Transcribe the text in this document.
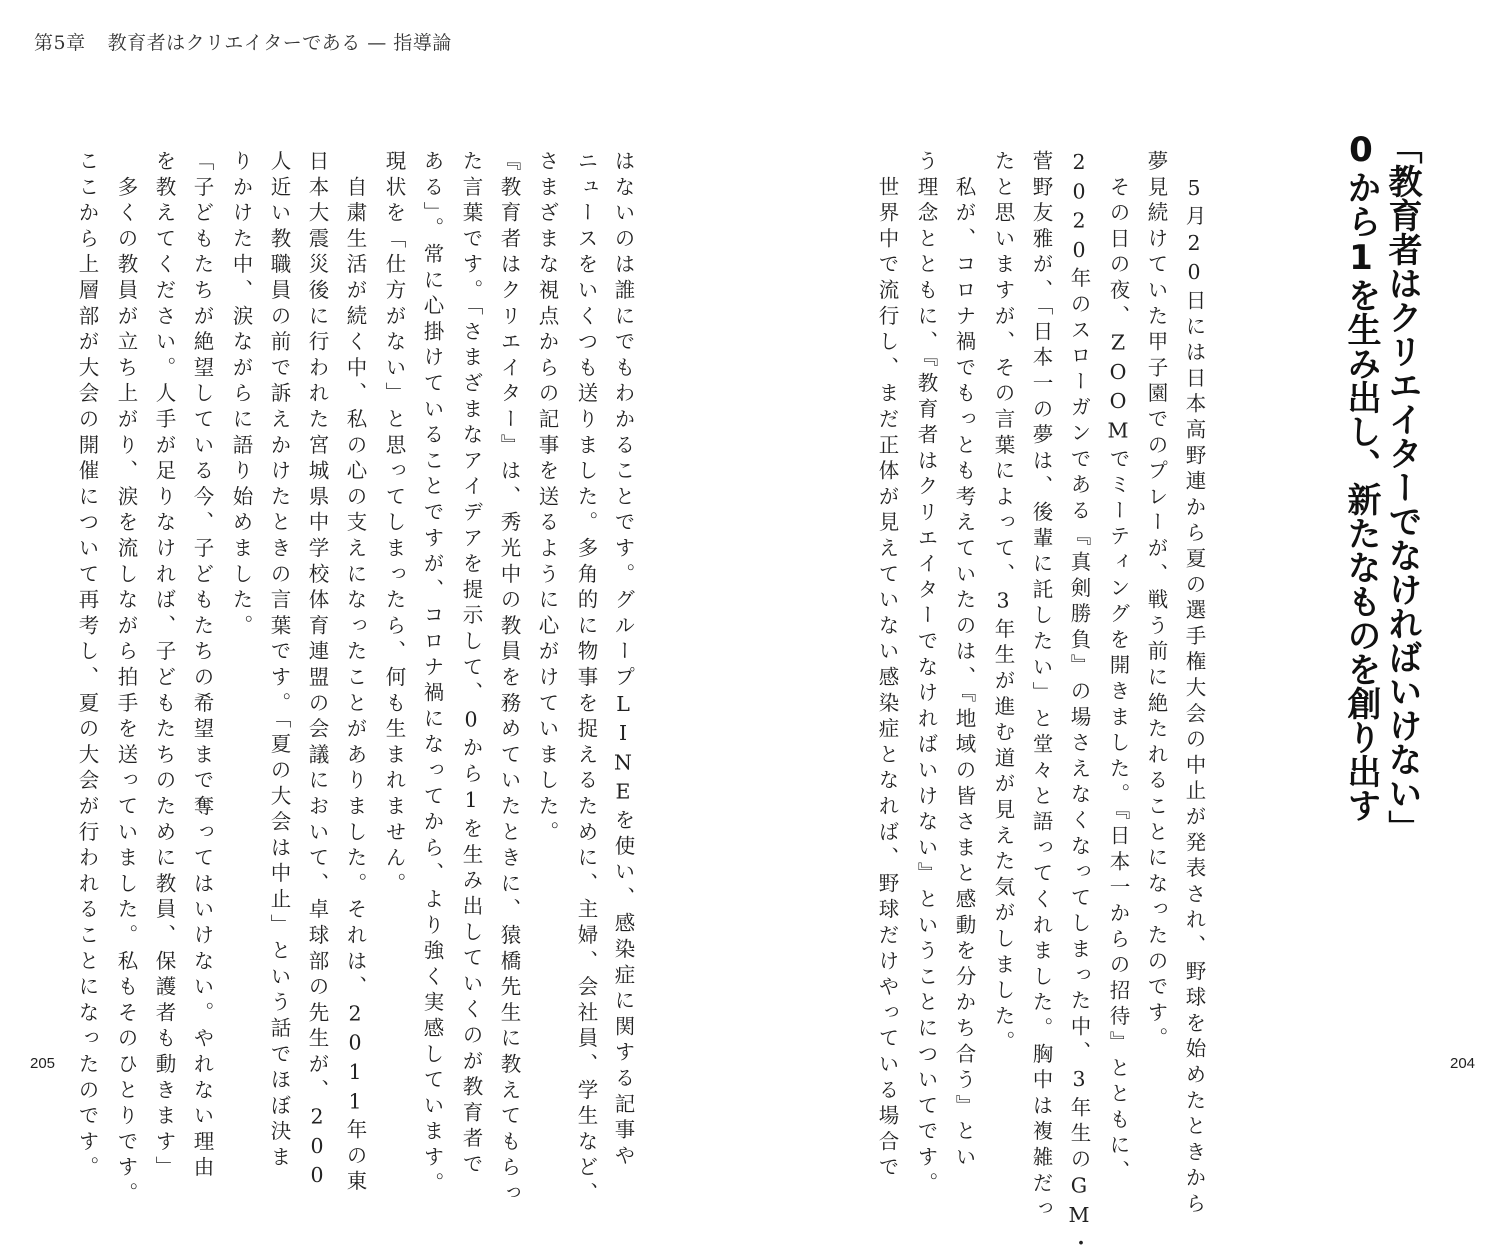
第5章 教育者はクリエイターである — 指導論
「教育者はクリエイターでなければいけない」
0から1を生み出し、新たなものを創り出す
　5月20日には日本高野連から夏の選手権大会の中止が発表され、野球を始めたときから
夢見続けていた甲子園でのプレーが、戦う前に絶たれることになったのです。
　その日の夜、ZOOMでミーティングを開きました。『日本一からの招待』とともに、
2020年のスローガンである『真剣勝負』の場さえなくなってしまった中、3年生のGM・
菅野友雅が、「日本一の夢は、後輩に託したい」と堂々と語ってくれました。胸中は複雑だっ
たと思いますが、その言葉によって、3年生が進む道が見えた気がしました。
　私が、コロナ禍でもっとも考えていたのは、『地域の皆さまと感動を分かち合う』とい
う理念とともに、『教育者はクリエイターでなければいけない』ということについてです。
　世界中で流行し、まだ正体が見えていない感染症となれば、野球だけやっている場合で
はないのは誰にでもわかることです。グループLINEを使い、感染症に関する記事や
ニュースをいくつも送りました。多角的に物事を捉えるために、主婦、会社員、学生など、
さまざまな視点からの記事を送るように心がけていました。
『教育者はクリエイター』は、秀光中の教員を務めていたときに、猿橋先生に教えてもらっ
た言葉です。「さまざまなアイデアを提示して、0から1を生み出していくのが教育者で
ある」。常に心掛けていることですが、コロナ禍になってから、より強く実感しています。
現状を「仕方がない」と思ってしまったら、何も生まれません。
　自粛生活が続く中、私の心の支えになったことがありました。それは、2011年の東
日本大震災後に行われた宮城県中学校体育連盟の会議において、卓球部の先生が、200
人近い教職員の前で訴えかけたときの言葉です。「夏の大会は中止」という話でほぼ決ま
りかけた中、涙ながらに語り始めました。
「子どもたちが絶望している今、子どもたちの希望まで奪ってはいけない。やれない理由
を教えてください。人手が足りなければ、子どもたちのために教員、保護者も動きます」
　多くの教員が立ち上がり、涙を流しながら拍手を送っていました。私もそのひとりです。
ここから上層部が大会の開催について再考し、夏の大会が行われることになったのです。
205	204
